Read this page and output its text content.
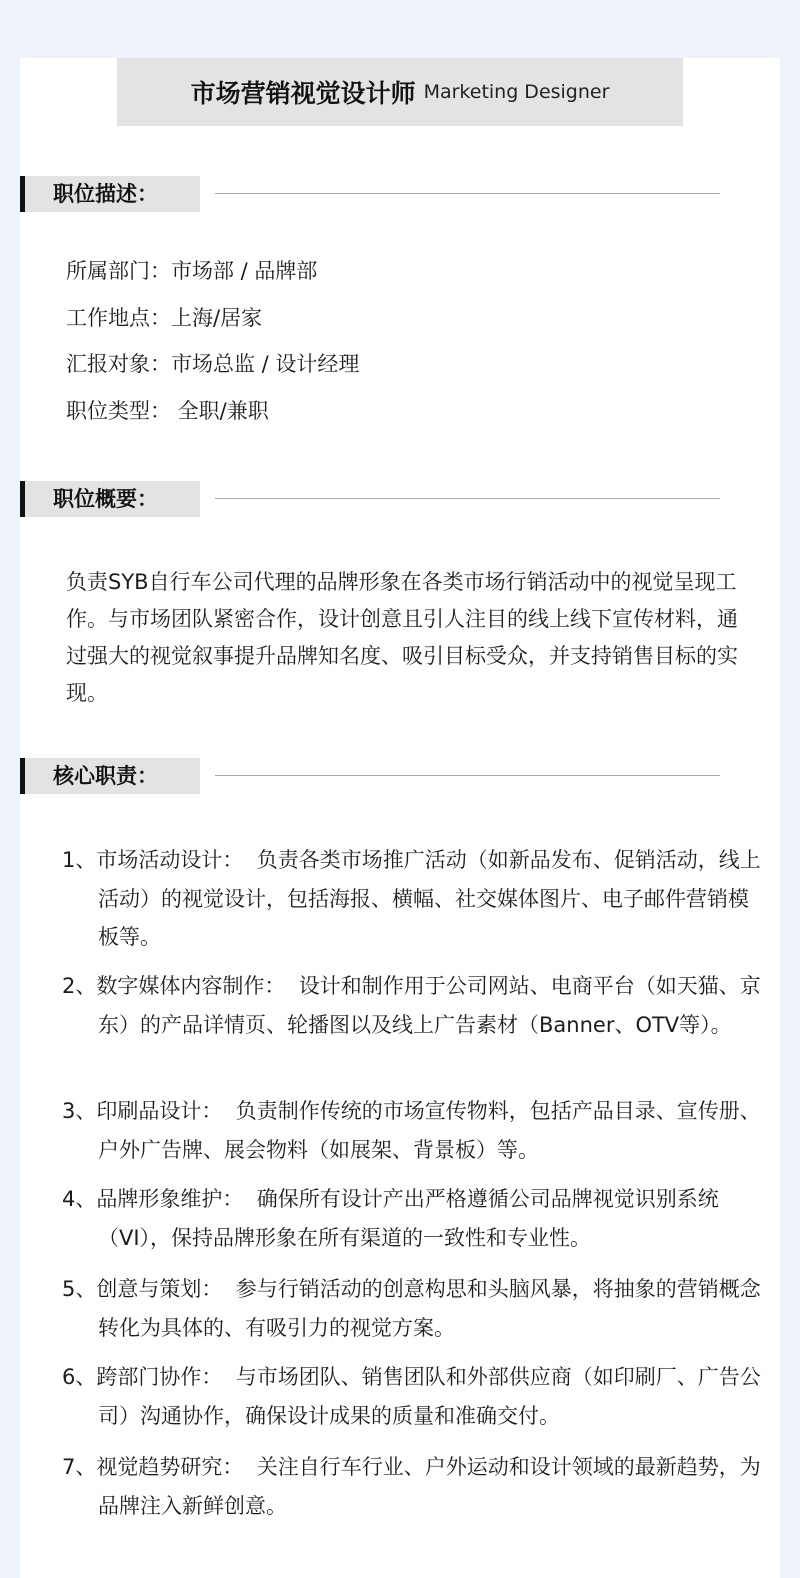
市场营销视觉设计师 Marketing Designer
职位描述：
所属部门：市场部 / 品牌部
工作地点：上海/居家
汇报对象：市场总监 / 设计经理
职位类型： 全职/兼职
职位概要：
负责SYB自行车公司代理的品牌形象在各类市场行销活动中的视觉呈现工作。与市场团队紧密合作，设计创意且引人注目的线上线下宣传材料，通过强大的视觉叙事提升品牌知名度、吸引目标受众，并支持销售目标的实现。
核心职责：
1、市场活动设计： 负责各类市场推广活动（如新品发布、促销活动，线上活动）的视觉设计，包括海报、横幅、社交媒体图片、电子邮件营销模板等。
2、数字媒体内容制作： 设计和制作用于公司网站、电商平台（如天猫、京东）的产品详情页、轮播图以及线上广告素材（Banner、OTV等）。
3、印刷品设计： 负责制作传统的市场宣传物料，包括产品目录、宣传册、户外广告牌、展会物料（如展架、背景板）等。
4、品牌形象维护： 确保所有设计产出严格遵循公司品牌视觉识别系统（VI），保持品牌形象在所有渠道的一致性和专业性。
5、创意与策划： 参与行销活动的创意构思和头脑风暴，将抽象的营销概念转化为具体的、有吸引力的视觉方案。
6、跨部门协作： 与市场团队、销售团队和外部供应商（如印刷厂、广告公司）沟通协作，确保设计成果的质量和准确交付。
7、视觉趋势研究： 关注自行车行业、户外运动和设计领域的最新趋势，为品牌注入新鲜创意。
